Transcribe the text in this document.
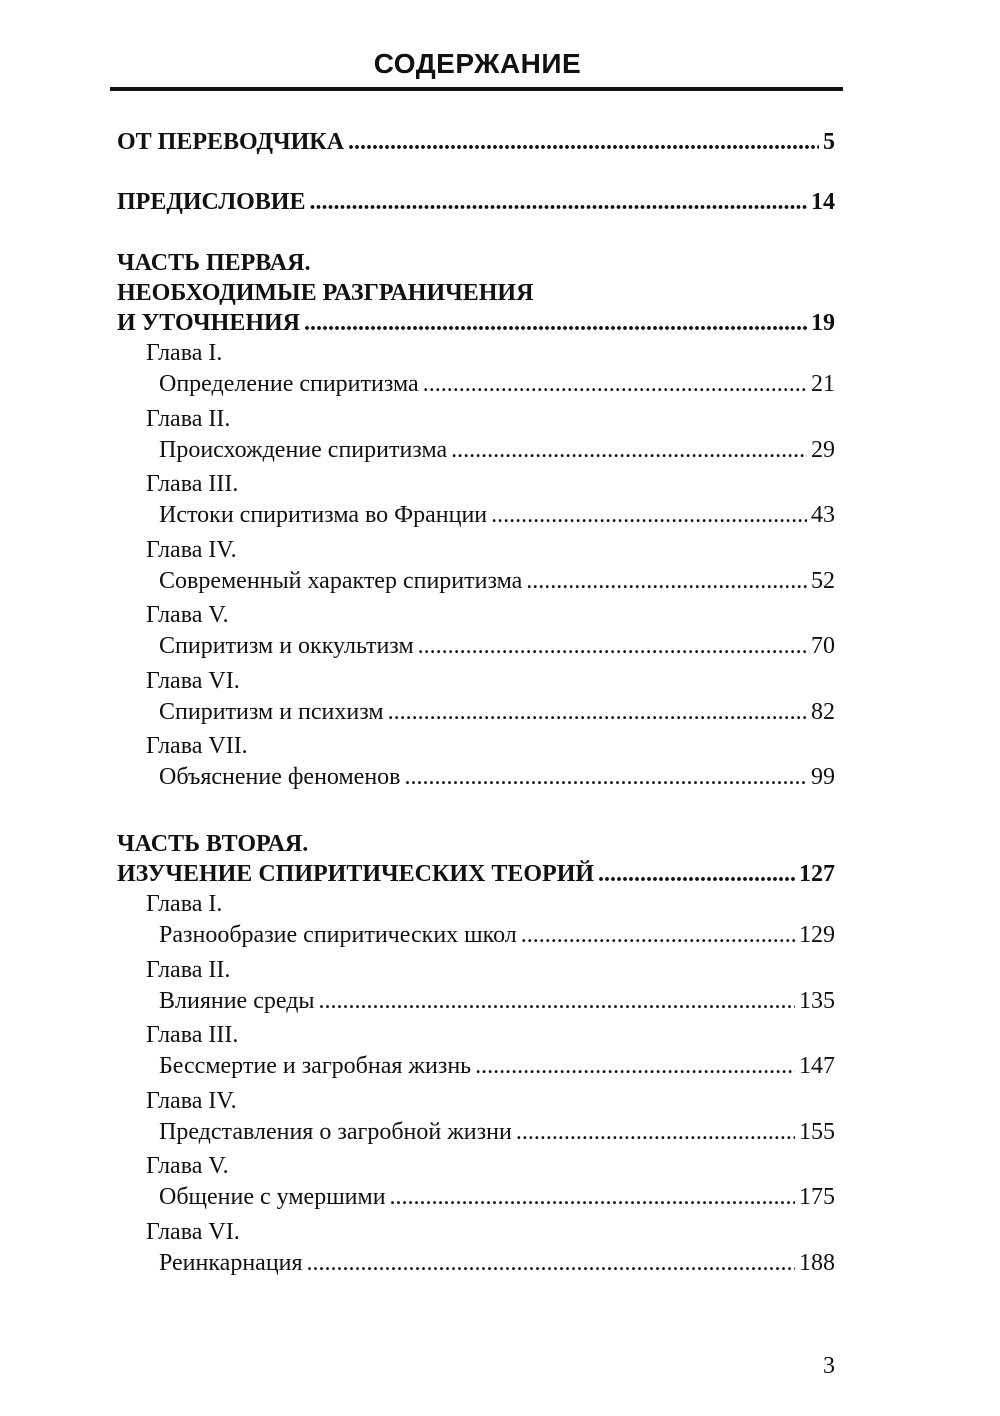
СОДЕРЖАНИЕ
ОТ ПЕРЕВОДЧИКА .....	5
ПРЕДИСЛОВИЕ .....	14
ЧАСТЬ ПЕРВАЯ.
НЕОБХОДИМЫЕ РАЗГРАНИЧЕНИЯ
И УТОЧНЕНИЯ .....	19
Глава I.
Определение спиритизма .....	21
Глава II.
Происхождение спиритизма .....	29
Глава III.
Истоки спиритизма во Франции .....	43
Глава IV.
Современный характер спиритизма .....	52
Глава V.
Спиритизм и оккультизм .....	70
Глава VI.
Спиритизм и психизм .....	82
Глава VII.
Объяснение феноменов .....	99
ЧАСТЬ ВТОРАЯ.
ИЗУЧЕНИЕ СПИРИТИЧЕСКИХ ТЕОРИЙ .....	127
Глава I.
Разнообразие спиритических школ .....	129
Глава II.
Влияние среды .....	135
Глава III.
Бессмертие и загробная жизнь .....	147
Глава IV.
Представления о загробной жизни .....	155
Глава V.
Общение с умершими .....	175
Глава VI.
Реинкарнация .....	188
3
